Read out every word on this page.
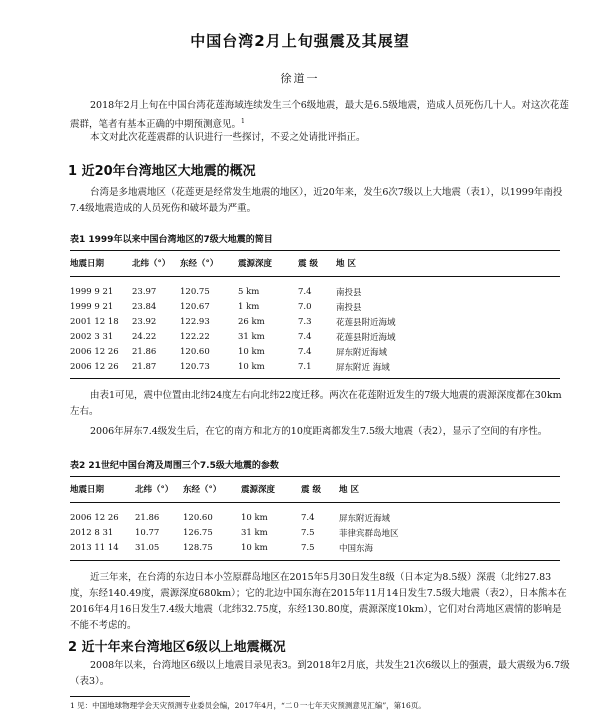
中国台湾2月上旬强震及其展望
徐道一

2018年2月上旬在中国台湾花莲海域连续发生三个6级地震，最大是6.5级地震，造成人员死伤几十人。对这次花莲震群，笔者有基本正确的中期预测意见。$^1$

本文对此次花莲震群的认识进行一些探讨，不妥之处请批评指正。

1 近20年台湾地区大地震的概况

台湾是多地震地区（花莲更是经常发生地震的地区），近20年来，发生6次7级以上大地震（表1），以1999年南投7.4级地震造成的人员死伤和破坏最为严重。

表1 1999年以来中国台湾地区的7级大地震的简目

地震日期	北纬（°）	东经（°）	震源深度	震 级	地 区
1999 9 21	23.97	120.75	5 km	7.4	南投县
1999 9 21	23.84	120.67	1 km	7.0	南投县
2001 12 18	23.92	122.93	26 km	7.3	花莲县附近海域
2002 3 31	24.22	122.22	31 km	7.4	花莲县附近海域
2006 12 26	21.86	120.60	10 km	7.4	屏东附近海域
2006 12 26	21.87	120.73	10 km	7.1	屏东附近 海域

由表1可见，震中位置由北纬24度左右向北纬22度迁移。两次在花莲附近发生的7级大地震的震源深度都在30km左右。

2006年屏东7.4级发生后，在它的南方和北方的10度距离都发生7.5级大地震（表2），显示了空间的有序性。

表2 21世纪中国台湾及周围三个7.5级大地震的参数

地震日期	北纬（°）	东经（°）	震源深度	震 级	地 区
2006 12 26	21.86	120.60	10 km	7.4	屏东附近海域
2012 8 31	10.77	126.75	31 km	7.5	菲律宾群岛地区
2013 11 14	31.05	128.75	10 km	7.5	中国东海

近三年来，在台湾的东边日本小笠原群岛地区在2015年5月30日发生8级（日本定为8.5级）深震（北纬27.83度，东经140.49度，震源深度680km）；它的北边中国东海在2015年11月14日发生7.5级大地震（表2），日本熊本在2016年4月16日发生7.4级大地震（北纬32.75度，东经130.80度，震源深度10km），它们对台湾地区震情的影响是不能不考虑的。

2 近十年来台湾地区6级以上地震概况

2008年以来，台湾地区6级以上地震目录见表3。到2018年2月底，共发生21次6级以上的强震，最大震级为6.7级（表3）。

1 见：中国地球物理学会天灾预测专业委员会编，2017年4月，“二０一七年天灾预测意见汇编”，第16页。
